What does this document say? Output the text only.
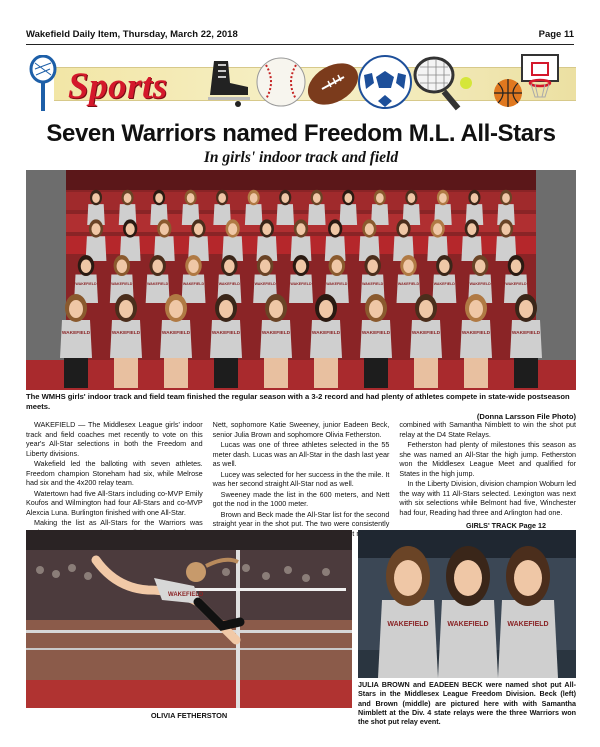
Wakefield Daily Item, Thursday, March 22, 2018	Page 11
Sports
Seven Warriors named Freedom M.L. All-Stars
In girls' indoor track and field
WAKEFIELD	WAKEFIELD	WAKEFIELD	WAKEFIELD	WAKEFIELD	WAKEFIELD	WAKEFIELD	WAKEFIELD	WAKEFIELD	WAKEFIELD	WAKEFIELD	WAKEFIELD	WAKEFIELD
WAKEFIELD	WAKEFIELD	WAKEFIELD	WAKEFIELD	WAKEFIELD	WAKEFIELD	WAKEFIELD	WAKEFIELD	WAKEFIELD	WAKEFIELD
The WMHS girls' indoor track and field team finished the regular season with a 3-2 record and had plenty of athletes compete in state-wide postseason meets.
(Donna Larsson File Photo)

WAKEFIELD — The Middlesex League girls' indoor track and field coaches met recently to vote on this year's All-Star selections in both the Freedom and Liberty divisions.

Wakefield led the balloting with seven athletes. Freedom champion Stoneham had six, while Melrose had six and the 4x200 relay team.

Watertown had five All-Stars including co-MVP Emily Koufos and Wilmington had four All-Stars and co-MVP Alexcia Luna. Burlington finished with one All-Star.

Making the list as All-Stars for the Warriors was

Nett, sophomore Katie Sweeney, junior Eadeen Beck, senior Julia Brown and sophomore Olivia Fetherston.

Lucas was one of three athletes selected in the 55 meter dash. Lucas was an All-Star in the dash last year as well.

Lucey was selected for her success in the the mile. It was her second straight All-Star nod as well.

Sweeney made the list in the 600 meters, and Nett got the nod in the 1000 meter.

Brown and Beck made the All-Star list for the second straight year in the shot put. The two were consistently

combined with Samantha Nimblett to win the shot put relay at the D4 State Relays.

Fetherston had plenty of milestones this season as she was named an All-Star the high jump. Fetherston won the Middlesex League Meet and qualified for States in the high jump.

In the Liberty Division, division champion Woburn led the way with 11 All-Stars selected. Lexington was next with six selections while Belmont had five, Winchester had four, Reading had three and Arlington had one.

GIRLS' TRACK Page 12
WAKEFIELD
OLIVIA FETHERSTON
WAKEFIELD	WAKEFIELD	WAKEFIELD
JULIA BROWN and EADEEN BECK were named shot put All-Stars in the Middlesex League Freedom Division. Beck (left) and Brown (middle) are pictured here with with Samantha Nimblett at the Div. 4 state relays were the three Warriors won the shot put relay event.
